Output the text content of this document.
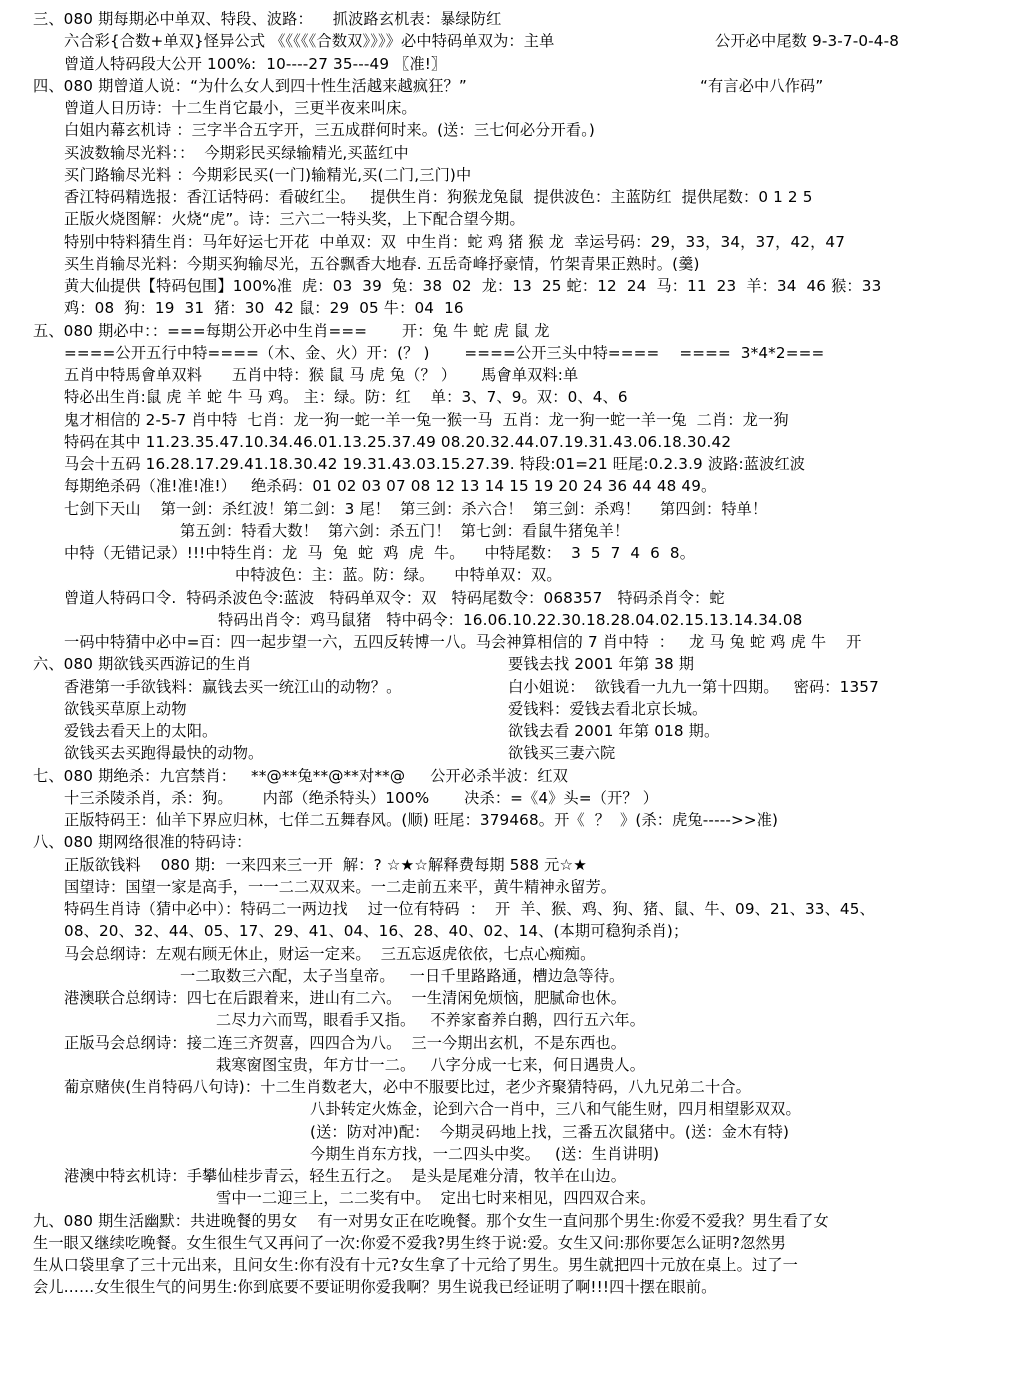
三、080 期每期必中单双、特段、波路：    抓波路玄机表：暴绿防红
六合彩{合数+单双}怪异公式 《《《《《合数双》》》》必中特码单双为：主单	公开必中尾数 9-3-7-0-4-8
曾道人特码段大公开 100%:  10----27 35---49 〖准!〗
四、080 期曾道人说：“为什么女人到四十性生活越来越疯狂？”	“有言必中八作码”
曾道人日历诗：十二生肖它最小，三更半夜来叫床。
白姐内幕玄机诗 ：三字半合五字开，三五成群何时来。(送：三七何必分开看。)
买波数输尽光料：：  今期彩民买绿输精光,买蓝红中
买门路输尽光料 ：今期彩民买(一门)输精光,买(二门,三门)中
香江特码精选报：香江话特码：看破红尘。   提供生肖：狗猴龙兔鼠  提供波色：主蓝防红  提供尾数：0 1 2 5
正版火烧图解：火烧“虎”。诗：三六二一特头奖，上下配合望今期。
特别中特料猜生肖：马年好运七开花  中单双：双  中生肖：蛇 鸡 猪 猴 龙  幸运号码：29，33，34，37，42，47
买生肖输尽光料：今期买狗输尽光，五谷飘香大地春. 五岳奇峰抒豪情，竹架青果正熟时。(羹)
黄大仙提供【特码包围】100%准  虎：03  39  兔：38  02  龙：13  25 蛇：12  24  马：11  23  羊：34  46 猴：33
鸡：08  狗：19  31  猪：30  42 鼠：29  05 牛：04  16
五、080 期必中：：===每期公开必中生肖===       开：兔 牛 蛇 虎 鼠 龙
====公开五行中特====（木、金、火）开：(？ )       ====公开三头中特====    ====  3*4*2===
五肖中特馬會单双料      五肖中特：猴 鼠 马 虎 兔（？ ）     馬會单双料:单
特必出生肖:鼠 虎 羊 蛇 牛 马 鸡。 主：绿。防：红    单：3、7、9。双：0、4、6
鬼才相信的 2-5-7 肖中特  七肖：龙一狗一蛇一羊一兔一猴一马  五肖：龙一狗一蛇一羊一兔  二肖：龙一狗
特码在其中 11.23.35.47.10.34.46.01.13.25.37.49 08.20.32.44.07.19.31.43.06.18.30.42
马会十五码 16.28.17.29.41.18.30.42 19.31.43.03.15.27.39. 特段:01=21 旺尾:0.2.3.9 波路:蓝波红波
每期绝杀码（准!准!准!）   绝杀码：01 02 03 07 08 12 13 14 15 19 20 24 36 44 48 49。
七剑下天山    第一剑：杀红波！第二剑：3 尾！  第三剑：杀六合！  第三剑：杀鸡！    第四剑：特单！
第五剑：特看大数！  第六剑：杀五门！  第七剑：看鼠牛猪兔羊！
中特（无错记录）!!!中特生肖：龙  马  兔  蛇  鸡  虎  牛。    中特尾数：  3  5  7  4  6  8。
中特波色：主：蓝。防：绿。    中特单双：双。
曾道人特码口令.  特码杀波色令:蓝波   特码单双令：双   特码尾数令：068357   特码杀肖令：蛇
特码出肖令：鸡马鼠猪   特中码令：16.06.10.22.30.18.28.04.02.15.13.14.34.08
一码中特猜中必中=百：四一起步望一六，五四反转博一八。马会神算相信的 7 肖中特  ：   龙 马 兔 蛇 鸡 虎 牛    开
六、080 期欲钱买西游记的生肖	要钱去找 2001 年第 38 期
香港第一手欲钱料：赢钱去买一统江山的动物？。	白小姐说：  欲钱看一九九一第十四期。   密码：1357
欲钱买草原上动物	爱钱料：爱钱去看北京长城。
爱钱去看天上的太阳。	欲钱去看 2001 年第 018 期。
欲钱买去买跑得最快的动物。	欲钱买三妻六院
七、080 期绝杀：九宫禁肖：   **@**兔**@**对**@     公开必杀半波：红双
十三杀陵杀肖，杀：狗。      内部（绝杀特头）100%       决杀：=《4》头=（开？ ）
正版特码王：仙羊下界应归林，七佯二五舞春风。(顺) 旺尾：379468。开《  ？  》(杀：虎兔----->>准)
八、080 期网络很准的特码诗：
正版欲钱料    080 期:  一来四来三一开  解：? ☆★☆解释费每期 588 元☆★
国望诗：国望一家是高手，一一二二双双来。一二走前五来平，黄牛精神永留芳。
特码生肖诗（猜中必中）：特码二一两边找    过一位有特码  ：  开  羊、猴、鸡、狗、猪、鼠、牛、09、21、33、45、
08、20、32、44、05、17、29、41、04、16、28、40、02、14、(本期可稳狗杀肖)；
马会总纲诗：左观右顾无休止，财运一定来。  三五忘返虎依依，七点心痴痴。
一二取数三六配，太子当皇帝。   一日千里路路通，槽边急等待。
港澳联合总纲诗：四七在后跟着来，进山有二六。  一生清闲免烦恼，肥腻命也休。
二尽力六而骂，眼看手又指。   不养家畜养白鹅，四行五六年。
正版马会总纲诗：接二连三齐贺喜，四四合为八。  三一今期出玄机，不是东西也。
栽寒窗图宝贵，年方廿一二。   八字分成一七来，何日遇贵人。
葡京赌侠(生肖特码八句诗)：十二生肖数老大，必中不服要比过，老少齐聚猜特码，八九兄弟二十合。
八卦转定火炼金，论到六合一肖中，三八和气能生财，四月相望影双双。
(送：防对冲)配：  今期灵码地上找，三番五次鼠猪中。(送：金木有特)
今期生肖东方找，一二四头中奖。   (送：生肖讲明)
港澳中特玄机诗：手攀仙桂步青云，轻生五行之。  是头是尾难分清，牧羊在山边。
雪中一二迎三上，二二奖有中。  定出七时来相见，四四双合来。
九、080 期生活幽默：共进晚餐的男女    有一对男女正在吃晚餐。那个女生一直问那个男生:你爱不爱我？男生看了女
生一眼又继续吃晚餐。女生很生气又再问了一次:你爱不爱我?男生终于说:爱。女生又问:那你要怎么证明?忽然男
生从口袋里拿了三十元出来，且问女生:你有没有十元?女生拿了十元给了男生。男生就把四十元放在桌上。过了一
会儿……女生很生气的问男生:你到底要不要证明你爱我啊？男生说我已经证明了啊!!!四十摆在眼前。
